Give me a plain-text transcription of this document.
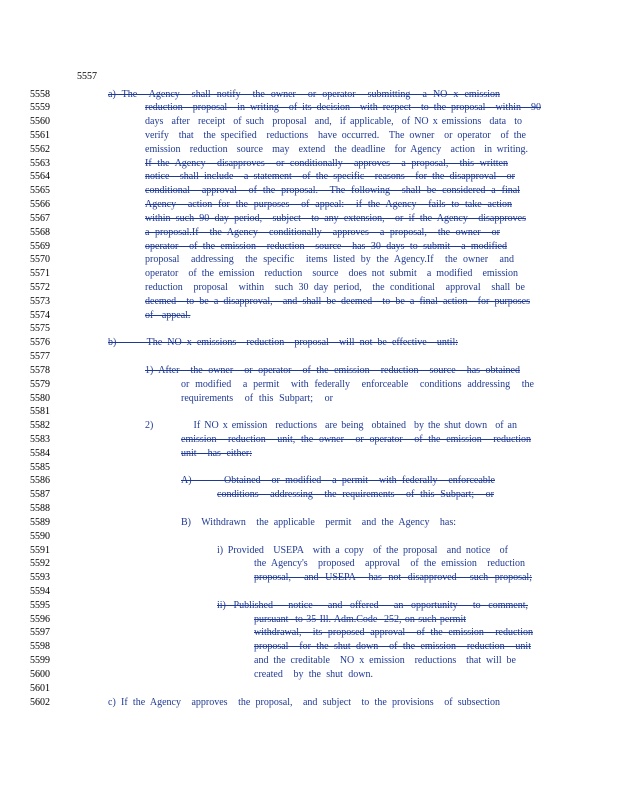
5557
5558
5559
5560
5561
5562
5563
5564
5565
5566
5567
5568
5569
5570
5571
5572
5573
5574
5575
5576
5577
5578
5579
5580
5581
5582
5583
5584
5585
5586
5587
5588
5589
5590
5591
5592
5593
5594
5595
5596
5597
5598
5599
5600
5601
5602
a) The  Agency  shall notify  the owner  or operator  submitting  a NO x emission
reduction  proposal  in writing  of its decision  with respect  to the proposal  within  90
days  after  receipt  of such  proposal  and,  if applicable,  of NO x emissions  data  to
verify  that  the specified  reductions  have occurred.  The owner  or operator  of the
emission  reduction  source  may  extend  the deadline  for Agency  action  in writing.
If the Agency  disapproves  or conditionally  approves  a proposal,  this written
notice  shall include  a statement  of the specific  reasons  for the disapproval  or
conditional  approval  of the proposal.  The following  shall be considered a final
Agency  action for the purposes  of appeal:  if the Agency  fails to take action
within such 90 day period,  subject  to any extension,  or if the Agency  disapproves
a proposal.If  the Agency  conditionally  approves  a proposal,  the owner  or
operator  of the emission  reduction  source  has 30 days to submit  a modified
proposal  addressing  the specific  items listed by the Agency.If  the owner  and
operator  of the emission  reduction  source  does not submit  a modified  emission
reduction  proposal  within  such 30 day period,  the conditional  approval  shall be
deemed  to be a disapproval,  and shall be deemed  to be a final action  for purposes
of appeal.
b)      The NO x emissions  reduction  proposal  will not be effective  until:
1) After  the owner  or operator  of the emission  reduction  source  has obtained
or modified  a permit  with federally  enforceable  conditions addressing  the
requirements  of this Subpart;  or
2)          If NO x emission  reductions  are being  obtained  by the shut down  of an
emission  reduction  unit, the owner  or operator  of the emission  reduction
unit  has either:
A)      Obtained  or modified  a permit  with federally  enforceable
conditions  addressing  the requirements  of this Subpart;  or
B)  Withdrawn  the applicable  permit  and the Agency  has:
i) Provided  USEPA  with a copy  of the proposal  and notice  of
the Agency's  proposed  approval  of the emission  reduction
proposal,  and USEPA  has not disapproved  such proposal;
ii) Published  notice  and offered  an opportunity  to comment,
pursuant  to 35 Ill. Adm.Code  252, on such permit
withdrawal,  its proposed approval  of the emission  reduction
proposal  for the shut down  of the emission  reduction  unit
and the creditable  NO x emission  reductions  that will be
created  by the shut down.
c) If the Agency  approves  the proposal,  and subject  to the provisions  of subsection
